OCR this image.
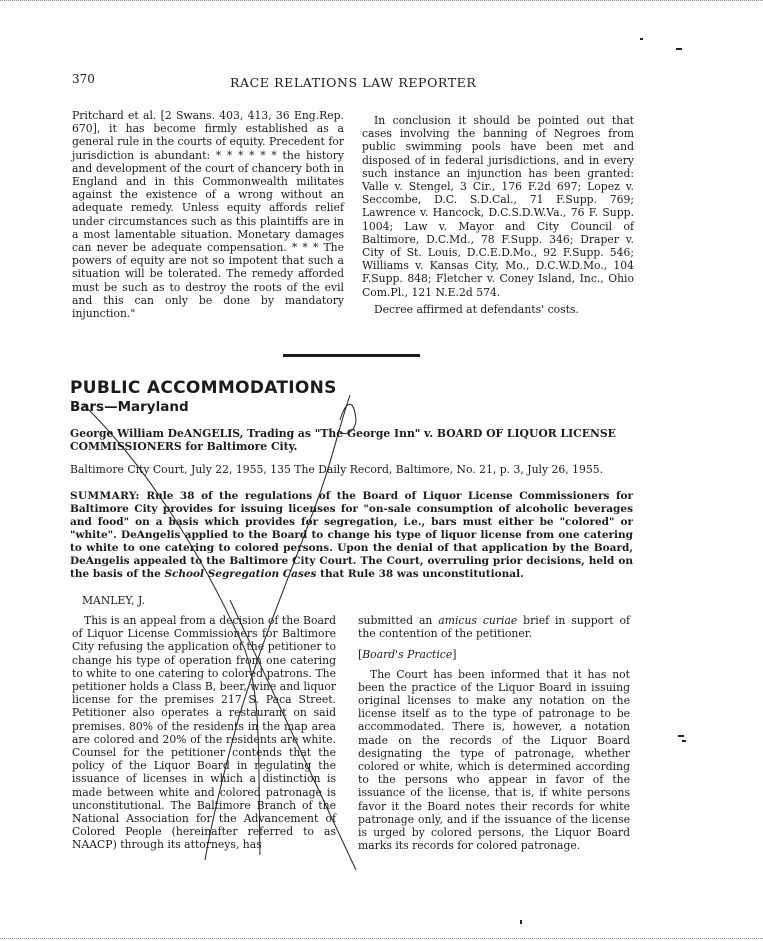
370	RACE RELATIONS LAW REPORTER

Pritchard et al. [2 Swans. 403, 413, 36 Eng.Rep. 670], it has become firmly established as a general rule in the courts of equity. Precedent for jurisdiction is abundant: * * * * * * the history and development of the court of chancery both in England and in this Commonwealth militates against the existence of a wrong without an adequate remedy. Unless equity affords relief under circumstances such as this plaintiffs are in a most lamentable situation. Monetary damages can never be adequate compensation. * * * The powers of equity are not so impotent that such a situation will be tolerated. The remedy afforded must be such as to destroy the roots of the evil and this can only be done by mandatory injunction."

In conclusion it should be pointed out that cases involving the banning of Negroes from public swimming pools have been met and disposed of in federal jurisdictions, and in every such instance an injunction has been granted: Valle v. Stengel, 3 Cir., 176 F.2d 697; Lopez v. Seccombe, D.C. S.D.Cal., 71 F.Supp. 769; Lawrence v. Hancock, D.C.S.D.W.Va., 76 F. Supp. 1004; Law v. Mayor and City Council of Baltimore, D.C.Md., 78 F.Supp. 346; Draper v. City of St. Louis, D.C.E.D.Mo., 92 F.Supp. 546; Williams v. Kansas City, Mo., D.C.W.D.Mo., 104 F.Supp. 848; Fletcher v. Coney Island, Inc., Ohio Com.Pl., 121 N.E.2d 574.

Decree affirmed at defendants' costs.

PUBLIC ACCOMMODATIONS
Bars—Maryland
George William DeANGELIS, Trading as "The George Inn" v. BOARD OF LIQUOR LICENSE COMMISSIONERS for Baltimore City.
Baltimore City Court, July 22, 1955, 135 The Daily Record, Baltimore, No. 21, p. 3, July 26, 1955.
SUMMARY: Rule 38 of the regulations of the Board of Liquor License Commissioners for Baltimore City provides for issuing licenses for "on-sale consumption of alcoholic beverages and food" on a basis which provides for segregation, i.e., bars must either be "colored" or "white". DeAngelis applied to the Board to change his type of liquor license from one catering to white to one catering to colored persons. Upon the denial of that application by the Board, DeAngelis appealed to the Baltimore City Court. The Court, overruling prior decisions, held on the basis of the School Segregation Cases that Rule 38 was unconstitutional.
MANLEY, J.

This is an appeal from a decision of the Board of Liquor License Commissioners for Baltimore City refusing the application of the petitioner to change his type of operation from one catering to white to one catering to colored patrons. The petitioner holds a Class B, beer, wine and liquor license for the premises 217 S. Paca Street. Petitioner also operates a restaurant on said premises. 80% of the residents in the map area are colored and 20% of the residents are white. Counsel for the petitioner contends that the policy of the Liquor Board in regulating the issuance of licenses in which a distinction is made between white and colored patronage is unconstitutional. The Baltimore Branch of the National Association for the Advancement of Colored People (hereinafter referred to as NAACP) through its attorneys, has

submitted an amicus curiae brief in support of the contention of the petitioner.

[Board's Practice]

The Court has been informed that it has not been the practice of the Liquor Board in issuing original licenses to make any notation on the license itself as to the type of patronage to be accommodated. There is, however, a notation made on the records of the Liquor Board designating the type of patronage, whether colored or white, which is determined according to the persons who appear in favor of the issuance of the license, that is, if white persons favor it the Board notes their records for white patronage only, and if the issuance of the license is urged by colored persons, the Liquor Board marks its records for colored patronage.
